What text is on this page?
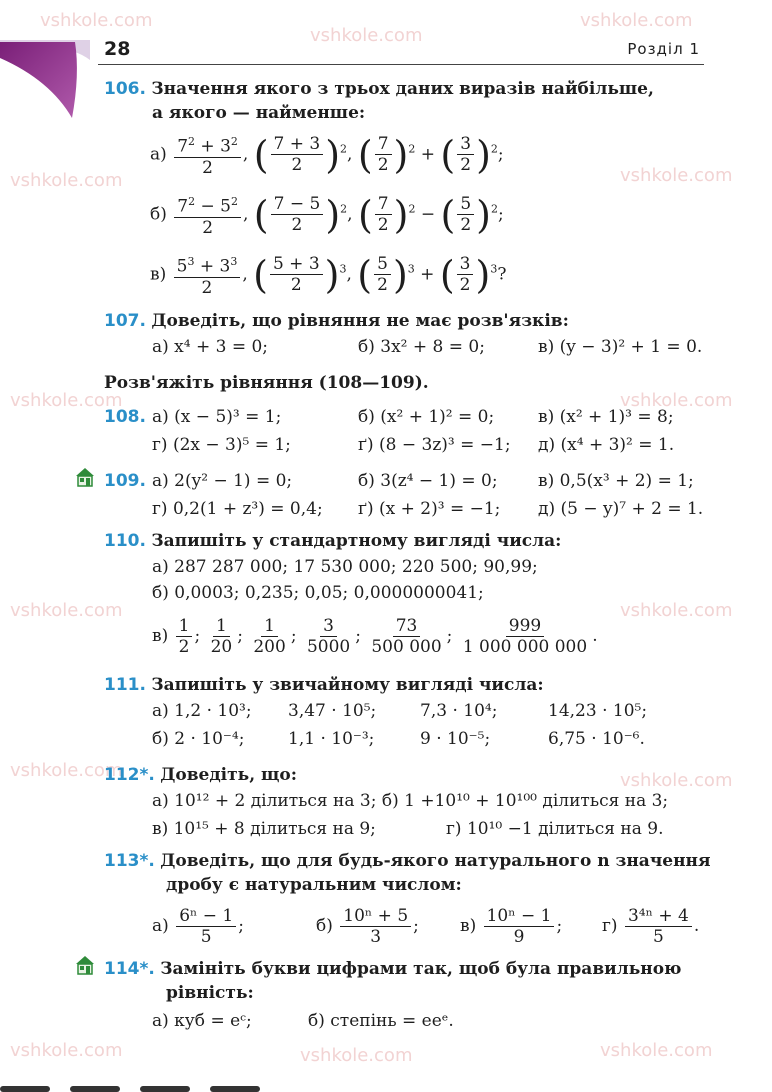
28	Розділ 1
vshkole.com
vshkole.com
vshkole.com
vshkole.com	vshkole.com
vshkole.com	vshkole.com
vshkole.com	vshkole.com
vshkole.com	vshkole.com
vshkole.com	vshkole.com	vshkole.com
106. Значення якого з трьох даних виразів найбільше,
а якого — найменше:
$а) \frac{7^2 + 3^2}{2}$ , ( $\frac{7 + 3}{2} )^2$, ( $\frac{7}{2} )^2$ + ( $\frac{3}{2} )^2$;
$б) \frac{7^2 - 5^2}{2}$ , ( $\frac{7 - 5}{2} )^2$, ( $\frac{7}{2} )^2$ − ( $\frac{5}{2} )^2$;
$в) \frac{5^3 + 3^3}{2}$ , ( $\frac{5 + 3}{2} )^3$, ( $\frac{5}{2} )^3$ + ( $\frac{3}{2} )^3$?
107. Доведіть, що рівняння не має розв'язків:
а) x⁴ + 3 = 0;	б) 3x² + 8 = 0;	в) (y − 3)² + 1 = 0.
Розв'яжіть рівняння (108—109).
108. а) (x − 5)³ = 1;	б) (x² + 1)² = 0;	в) (x² + 1)³ = 8;
г) (2x − 3)⁵ = 1;	ґ) (8 − 3z)³ = −1; д) (x⁴ + 3)² = 1.
109. а) 2(y² − 1) = 0;	б) 3(z⁴ − 1) = 0; в) 0,5(x³ + 2) = 1;
г) 0,2(1 + z³) = 0,4; ґ) (x + 2)³ = −1; д) (5 − y)⁷ + 2 = 1.
110. Запишіть у стандартному вигляді числа:
а) 287 287 000; 17 530 000; 220 500; 90,99;
б) 0,0003; 0,235; 0,05; 0,0000000041;
$в) \frac{1}{2}$ ; $\frac{1}{20}$ ; $\frac{1}{200}$ ; $\frac{3}{5000}$ ; $\frac{73}{500 000}$ ; $\frac{999}{1 000 000 000}$ .
111. Запишіть у звичайному вигляді числа:
а) 1,2 · 10³; 3,47 · 10⁵;	7,3 · 10⁴;	14,23 · 10⁵;
б) 2 · 10⁻⁴;	1,1 · 10⁻³;	9 · 10⁻⁵;	6,75 · 10⁻⁶.
112*. Доведіть, що:
а) 10¹² + 2 ділиться на 3; б) 1 +10¹⁰ + 10¹⁰⁰ ділиться на 3;
в) 10¹⁵ + 8 ділиться на 9;	г) 10¹⁰ −1 ділиться на 9.
113*. Доведіть, що для будь-якого натурального n значення
дробу є натуральним числом:
$а) \frac{\text{6ⁿ − 1}}{5}$ ;	$б) \frac{\text{10ⁿ + 5}}{3}$ ; $в) \frac{\text{10ⁿ − 1}}{9}$ ; $г) \frac{\text{3⁴ⁿ + 4}}{5}$ .
114*. Замініть букви цифрами так, щоб була правильною
рівність:
а) куб = eᶜ;	б) степінь = eeᵉ.
